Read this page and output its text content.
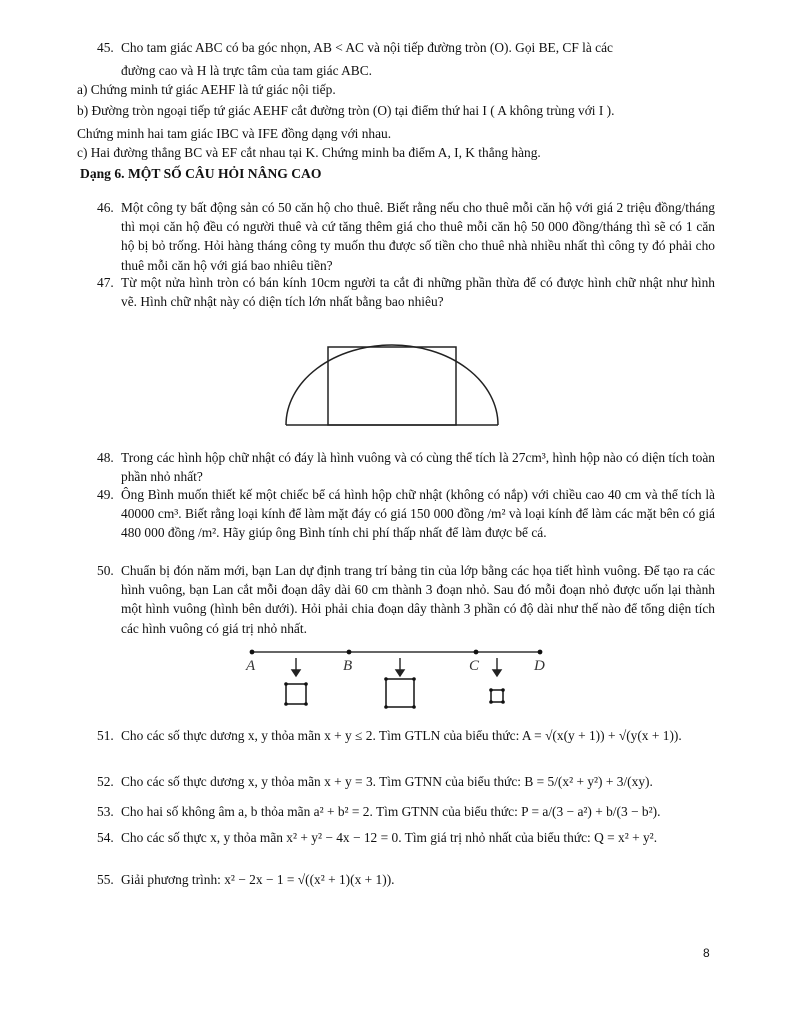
45. Cho tam giác ABC có ba góc nhọn, AB < AC và nội tiếp đường tròn (O). Gọi BE, CF là các
đường cao và H là trực tâm của tam giác ABC.

a) Chứng minh tứ giác AEHF là tứ giác nội tiếp.

b) Đường tròn ngoại tiếp tứ giác AEHF cắt đường tròn (O) tại điểm thứ hai I ( A không trùng với I ).

Chứng minh hai tam giác IBC và IFE đồng dạng với nhau.

c) Hai đường thẳng BC và EF cắt nhau tại K. Chứng minh ba điểm A, I, K thẳng hàng.

Dạng 6. MỘT SỐ CÂU HỎI NÂNG CAO
46. Một công ty bất động sản có 50 căn hộ cho thuê. Biết rằng nếu cho thuê mỗi căn hộ với giá 2 triệu đồng/tháng thì mọi căn hộ đều có người thuê và cứ tăng thêm giá cho thuê mỗi căn hộ 50 000 đồng/tháng thì sẽ có 1 căn hộ bị bỏ trống. Hỏi hàng tháng công ty muốn thu được số tiền cho thuê nhà nhiều nhất thì công ty đó phải cho thuê mỗi căn hộ với giá bao nhiêu tiền?
47. Từ một nửa hình tròn có bán kính 10cm người ta cắt đi những phần thừa để có được hình chữ nhật như hình vẽ. Hình chữ nhật này có diện tích lớn nhất bằng bao nhiêu?
48. Trong các hình hộp chữ nhật có đáy là hình vuông và có cùng thể tích là 27cm³, hình hộp nào có diện tích toàn phần nhỏ nhất?
49. Ông Bình muốn thiết kế một chiếc bể cá hình hộp chữ nhật (không có nắp) với chiều cao 40 cm và thể tích là 40000 cm³. Biết rằng loại kính để làm mặt đáy có giá 150 000 đồng /m² và loại kính để làm các mặt bên có giá 480 000 đồng /m². Hãy giúp ông Bình tính chi phí thấp nhất để làm được bể cá.
50. Chuẩn bị đón năm mới, bạn Lan dự định trang trí bảng tin của lớp bằng các họa tiết hình vuông. Để tạo ra các hình vuông, bạn Lan cắt mỗi đoạn dây dài 60 cm thành 3 đoạn nhỏ. Sau đó mỗi đoạn nhỏ được uốn lại thành một hình vuông (hình bên dưới). Hỏi phải chia đoạn dây thành 3 phần có độ dài như thế nào để tổng diện tích các hình vuông có giá trị nhỏ nhất.
A	B	C	D
51. Cho các số thực dương x, y thỏa mãn x + y ≤ 2. Tìm GTLN của biểu thức: A = √(x(y + 1)) + √(y(x + 1)).
52. Cho các số thực dương x, y thỏa mãn x + y = 3. Tìm GTNN của biểu thức: B = 5/(x² + y²) + 3/(xy).
53. Cho hai số không âm a, b thỏa mãn a² + b² = 2. Tìm GTNN của biểu thức: P = a/(3 − a²) + b/(3 − b²).
54. Cho các số thực x, y thỏa mãn x² + y² − 4x − 12 = 0. Tìm giá trị nhỏ nhất của biểu thức: Q = x² + y².
55. Giải phương trình: x² − 2x − 1 = √((x² + 1)(x + 1)).
8
